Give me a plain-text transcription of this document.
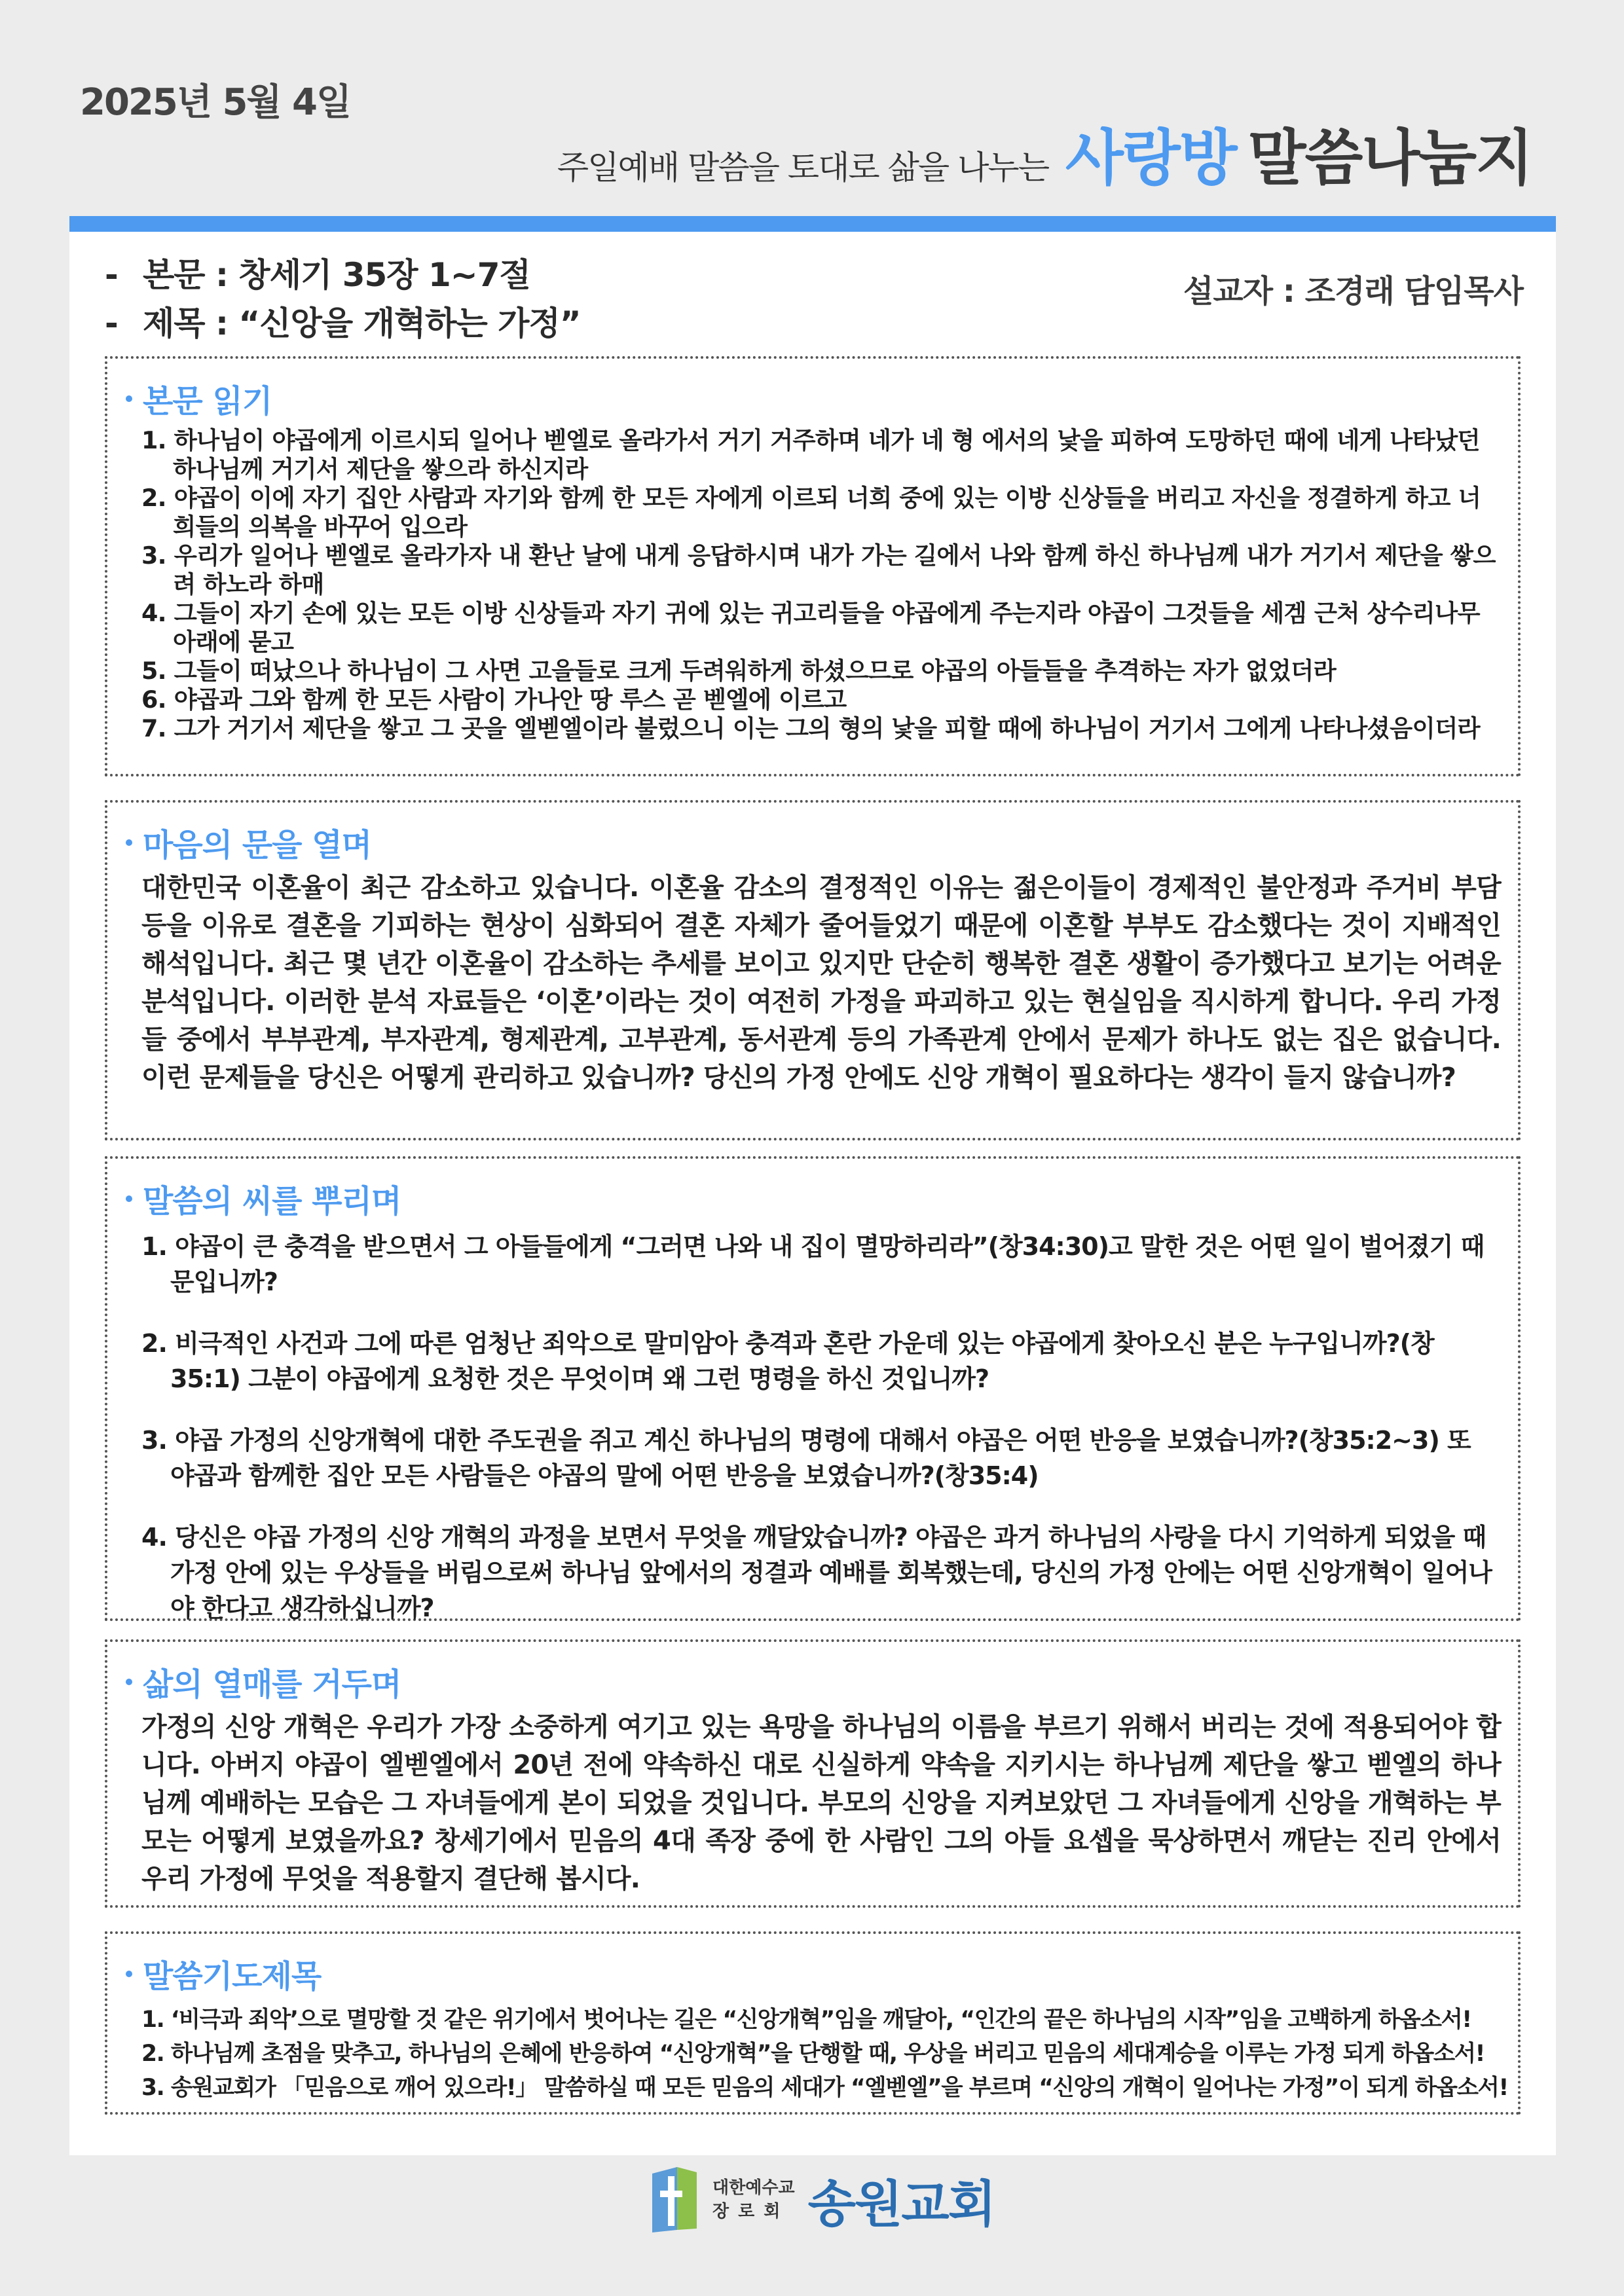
2025년 5월 4일
주일예배 말씀을 토대로 삶을 나누는 사랑방 말씀나눔지
- 본문 : 창세기 35장 1~7절
- 제목 : “신앙을 개혁하는 가정”
설교자 : 조경래 담임목사
본문 읽기
1. 하나님이 야곱에게 이르시되 일어나 벧엘로 올라가서 거기 거주하며 네가 네 형 에서의 낯을 피하여 도망하던 때에 네게 나타났던 하나님께 거기서 제단을 쌓으라 하신지라
2. 야곱이 이에 자기 집안 사람과 자기와 함께 한 모든 자에게 이르되 너희 중에 있는 이방 신상들을 버리고 자신을 정결하게 하고 너희들의 의복을 바꾸어 입으라
3. 우리가 일어나 벧엘로 올라가자 내 환난 날에 내게 응답하시며 내가 가는 길에서 나와 함께 하신 하나님께 내가 거기서 제단을 쌓으려 하노라 하매
4. 그들이 자기 손에 있는 모든 이방 신상들과 자기 귀에 있는 귀고리들을 야곱에게 주는지라 야곱이 그것들을 세겜 근처 상수리나무 아래에 묻고
5. 그들이 떠났으나 하나님이 그 사면 고을들로 크게 두려워하게 하셨으므로 야곱의 아들들을 추격하는 자가 없었더라
6. 야곱과 그와 함께 한 모든 사람이 가나안 땅 루스 곧 벧엘에 이르고
7. 그가 거기서 제단을 쌓고 그 곳을 엘벧엘이라 불렀으니 이는 그의 형의 낯을 피할 때에 하나님이 거기서 그에게 나타나셨음이더라
마음의 문을 열며

대한민국 이혼율이 최근 감소하고 있습니다. 이혼율 감소의 결정적인 이유는 젊은이들이 경제적인 불안정과 주거비 부담 등을 이유로 결혼을 기피하는 현상이 심화되어 결혼 자체가 줄어들었기 때문에 이혼할 부부도 감소했다는 것이 지배적인 해석입니다. 최근 몇 년간 이혼율이 감소하는 추세를 보이고 있지만 단순히 행복한 결혼 생활이 증가했다고 보기는 어려운 분석입니다. 이러한 분석 자료들은 ‘이혼’이라는 것이 여전히 가정을 파괴하고 있는 현실임을 직시하게 합니다. 우리 가정들 중에서 부부관계, 부자관계, 형제관계, 고부관계, 동서관계 등의 가족관계 안에서 문제가 하나도 없는 집은 없습니다. 이런 문제들을 당신은 어떻게 관리하고 있습니까? 당신의 가정 안에도 신앙 개혁이 필요하다는 생각이 들지 않습니까?

말씀의 씨를 뿌리며
1. 야곱이 큰 충격을 받으면서 그 아들들에게 “그러면 나와 내 집이 멸망하리라”(창34:30)고 말한 것은 어떤 일이 벌어졌기 때문입니까?
2. 비극적인 사건과 그에 따른 엄청난 죄악으로 말미암아 충격과 혼란 가운데 있는 야곱에게 찾아오신 분은 누구입니까?(창35:1) 그분이 야곱에게 요청한 것은 무엇이며 왜 그런 명령을 하신 것입니까?
3. 야곱 가정의 신앙개혁에 대한 주도권을 쥐고 계신 하나님의 명령에 대해서 야곱은 어떤 반응을 보였습니까?(창35:2~3) 또 야곱과 함께한 집안 모든 사람들은 야곱의 말에 어떤 반응을 보였습니까?(창35:4)
4. 당신은 야곱 가정의 신앙 개혁의 과정을 보면서 무엇을 깨달았습니까? 야곱은 과거 하나님의 사랑을 다시 기억하게 되었을 때 가정 안에 있는 우상들을 버림으로써 하나님 앞에서의 정결과 예배를 회복했는데, 당신의 가정 안에는 어떤 신앙개혁이 일어나야 한다고 생각하십니까?
삶의 열매를 거두며

가정의 신앙 개혁은 우리가 가장 소중하게 여기고 있는 욕망을 하나님의 이름을 부르기 위해서 버리는 것에 적용되어야 합니다. 아버지 야곱이 엘벧엘에서 20년 전에 약속하신 대로 신실하게 약속을 지키시는 하나님께 제단을 쌓고 벧엘의 하나님께 예배하는 모습은 그 자녀들에게 본이 되었을 것입니다. 부모의 신앙을 지켜보았던 그 자녀들에게 신앙을 개혁하는 부모는 어떻게 보였을까요? 창세기에서 믿음의 4대 족장 중에 한 사람인 그의 아들 요셉을 묵상하면서 깨닫는 진리 안에서 우리 가정에 무엇을 적용할지 결단해 봅시다.

말씀기도제목
1. ‘비극과 죄악’으로 멸망할 것 같은 위기에서 벗어나는 길은 “신앙개혁”임을 깨달아, “인간의 끝은 하나님의 시작”임을 고백하게 하옵소서!
2. 하나님께 초점을 맞추고, 하나님의 은혜에 반응하여 “신앙개혁”을 단행할 때, 우상을 버리고 믿음의 세대계승을 이루는 가정 되게 하옵소서!
3. 송원교회가 「믿음으로 깨어 있으라!」 말씀하실 때 모든 믿음의 세대가 “엘벧엘”을 부르며 “신앙의 개혁이 일어나는 가정”이 되게 하옵소서!
대한예수교
장로회 송원교회
